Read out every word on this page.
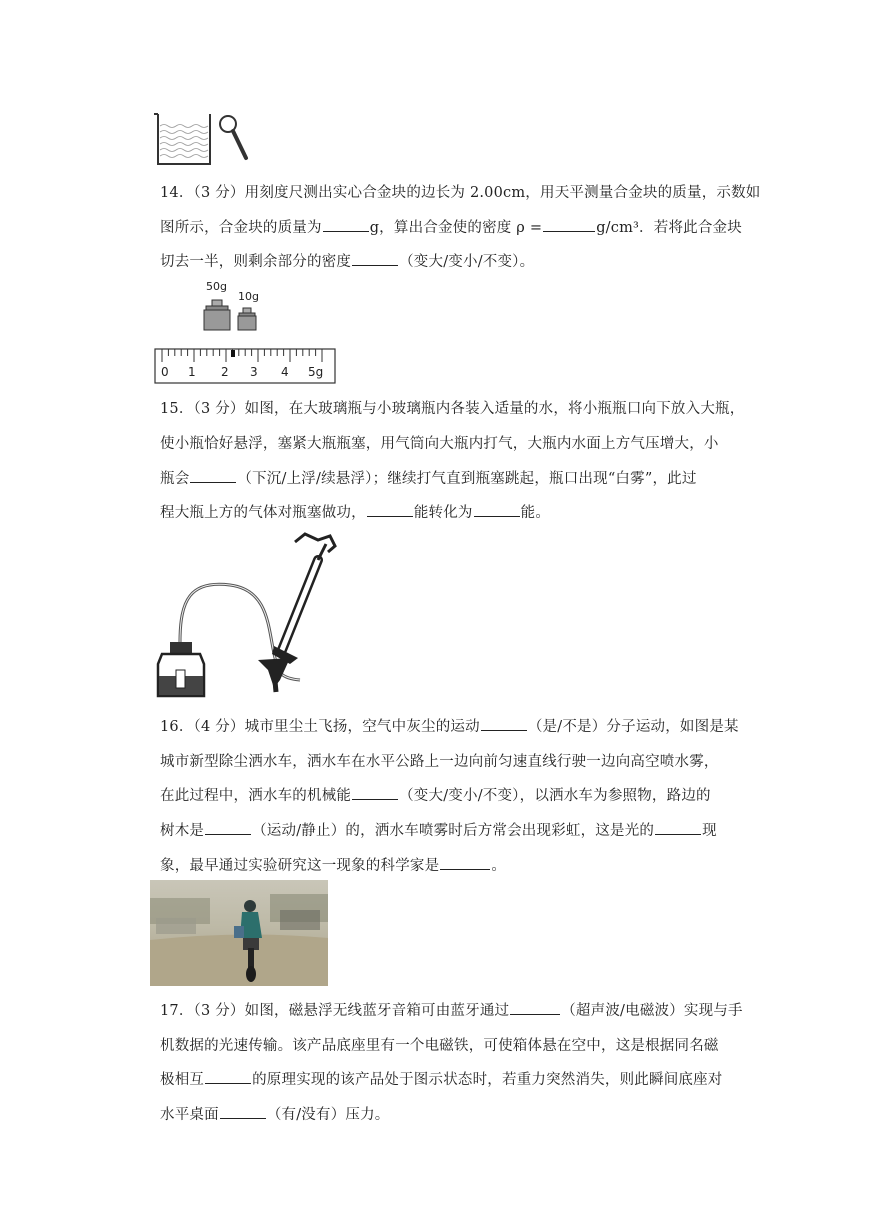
14．（3 分）用刻度尺测出实心合金块的边长为 2.00cm，用天平测量合金块的质量，示数如
图所示，合金块的质量为	g，算出合金使的密度 ρ =	g/cm³．若将此合金块
切去一半，则剩余部分的密度	（变大/变小/不变）。
50g
10g
0 1 2 3 4 5g
15．（3 分）如图，在大玻璃瓶与小玻璃瓶内各装入适量的水，将小瓶瓶口向下放入大瓶，
使小瓶恰好悬浮，塞紧大瓶瓶塞，用气筒向大瓶内打气，大瓶内水面上方气压增大，小
瓶会	（下沉/上浮/续悬浮）；继续打气直到瓶塞跳起，瓶口出现“白雾”，此过
程大瓶上方的气体对瓶塞做功，	能转化为	能。
16．（4 分）城市里尘土飞扬，空气中灰尘的运动	（是/不是）分子运动，如图是某
城市新型除尘洒水车，洒水车在水平公路上一边向前匀速直线行驶一边向高空喷水雾，
在此过程中，洒水车的机械能	（变大/变小/不变），以洒水车为参照物，路边的
树木是	（运动/静止）的，洒水车喷雾时后方常会出现彩虹，这是光的	现
象，最早通过实验研究这一现象的科学家是	。
17．（3 分）如图，磁悬浮无线蓝牙音箱可由蓝牙通过	（超声波/电磁波）实现与手
机数据的光速传输。该产品底座里有一个电磁铁，可使箱体悬在空中，这是根据同名磁
极相互	的原理实现的该产品处于图示状态时，若重力突然消失，则此瞬间底座对
水平桌面	（有/没有）压力。
